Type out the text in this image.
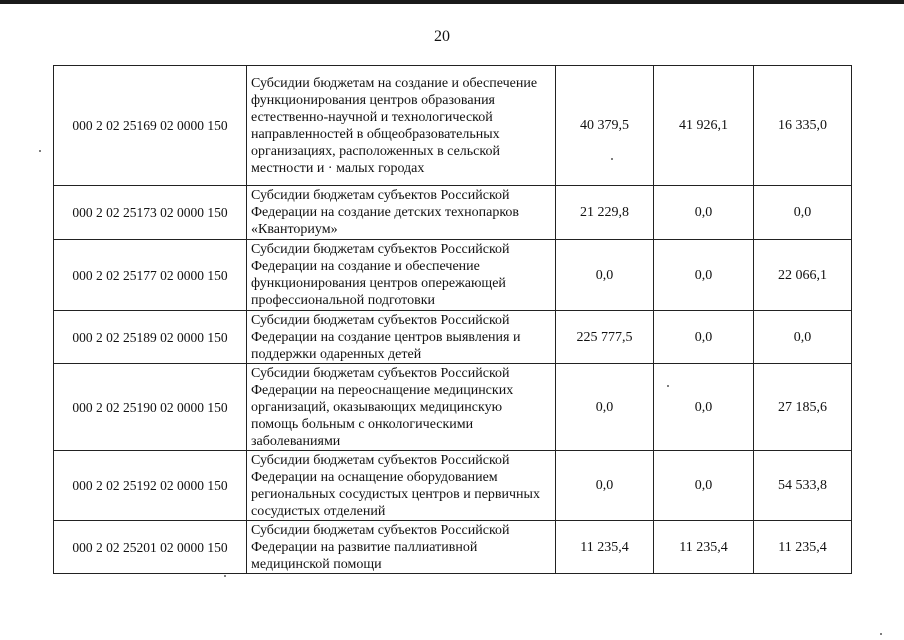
20
000 2 02 25169 02 0000 150	Субсидии бюджетам на создание и обеспечение функционирования центров образования естественно-научной и технологической направленностей в общеобразовательных организациях, расположенных в сельской местности и · малых городах	40 379,5	41 926,1	16 335,0
000 2 02 25173 02 0000 150	Субсидии бюджетам субъектов Российской Федерации на создание детских технопарков «Кванториум»	21 229,8	0,0	0,0
000 2 02 25177 02 0000 150	Субсидии бюджетам субъектов Российской Федерации на создание и обеспечение функционирования центров опережающей профессиональной подготовки	0,0	0,0	22 066,1
000 2 02 25189 02 0000 150	Субсидии бюджетам субъектов Российской Федерации на создание центров выявления и поддержки одаренных детей	225 777,5	0,0	0,0
000 2 02 25190 02 0000 150	Субсидии бюджетам субъектов Российской Федерации на переоснащение медицинских организаций, оказывающих медицинскую помощь больным с онкологическими заболеваниями	0,0	0,0	27 185,6
000 2 02 25192 02 0000 150	Субсидии бюджетам субъектов Российской Федерации на оснащение оборудованием региональных сосудистых центров и первичных сосудистых отделений	0,0	0,0	54 533,8
000 2 02 25201 02 0000 150	Субсидии бюджетам субъектов Российской Федерации на развитие паллиативной медицинской помощи	11 235,4	11 235,4	11 235,4
